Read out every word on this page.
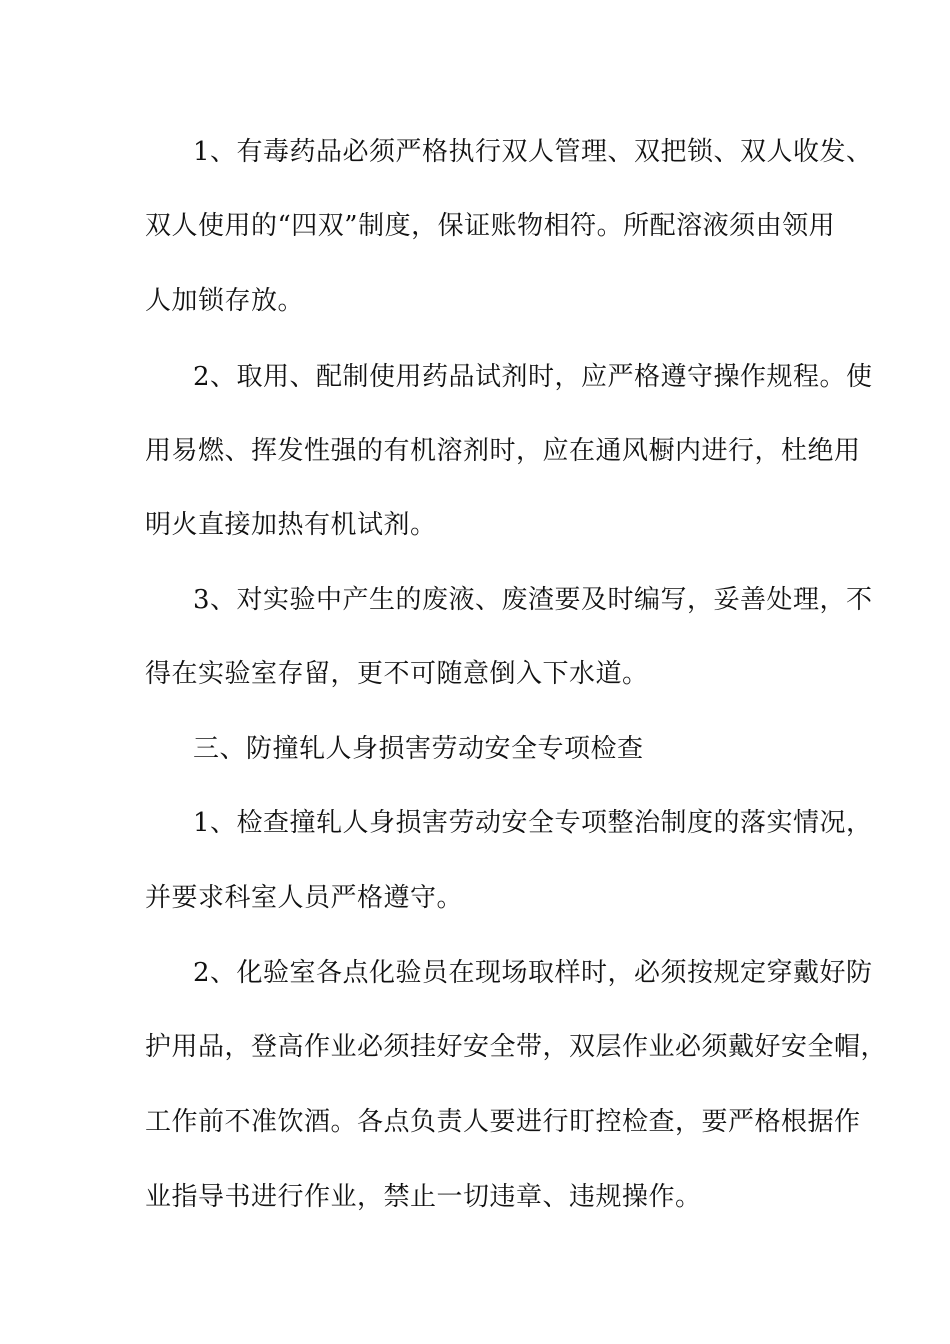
1、有毒药品必须严格执行双人管理、双把锁、双人收发、
双人使用的“四双”制度，保证账物相符。所配溶液须由领用
人加锁存放。
2、取用、配制使用药品试剂时，应严格遵守操作规程。使
用易燃、挥发性强的有机溶剂时，应在通风橱内进行，杜绝用
明火直接加热有机试剂。
3、对实验中产生的废液、废渣要及时编写，妥善处理，不
得在实验室存留，更不可随意倒入下水道。
三、防撞轧人身损害劳动安全专项检查
1、检查撞轧人身损害劳动安全专项整治制度的落实情况，
并要求科室人员严格遵守。
2、化验室各点化验员在现场取样时，必须按规定穿戴好防
护用品，登高作业必须挂好安全带，双层作业必须戴好安全帽，
工作前不准饮酒。各点负责人要进行盯控检查，要严格根据作
业指导书进行作业，禁止一切违章、违规操作。
